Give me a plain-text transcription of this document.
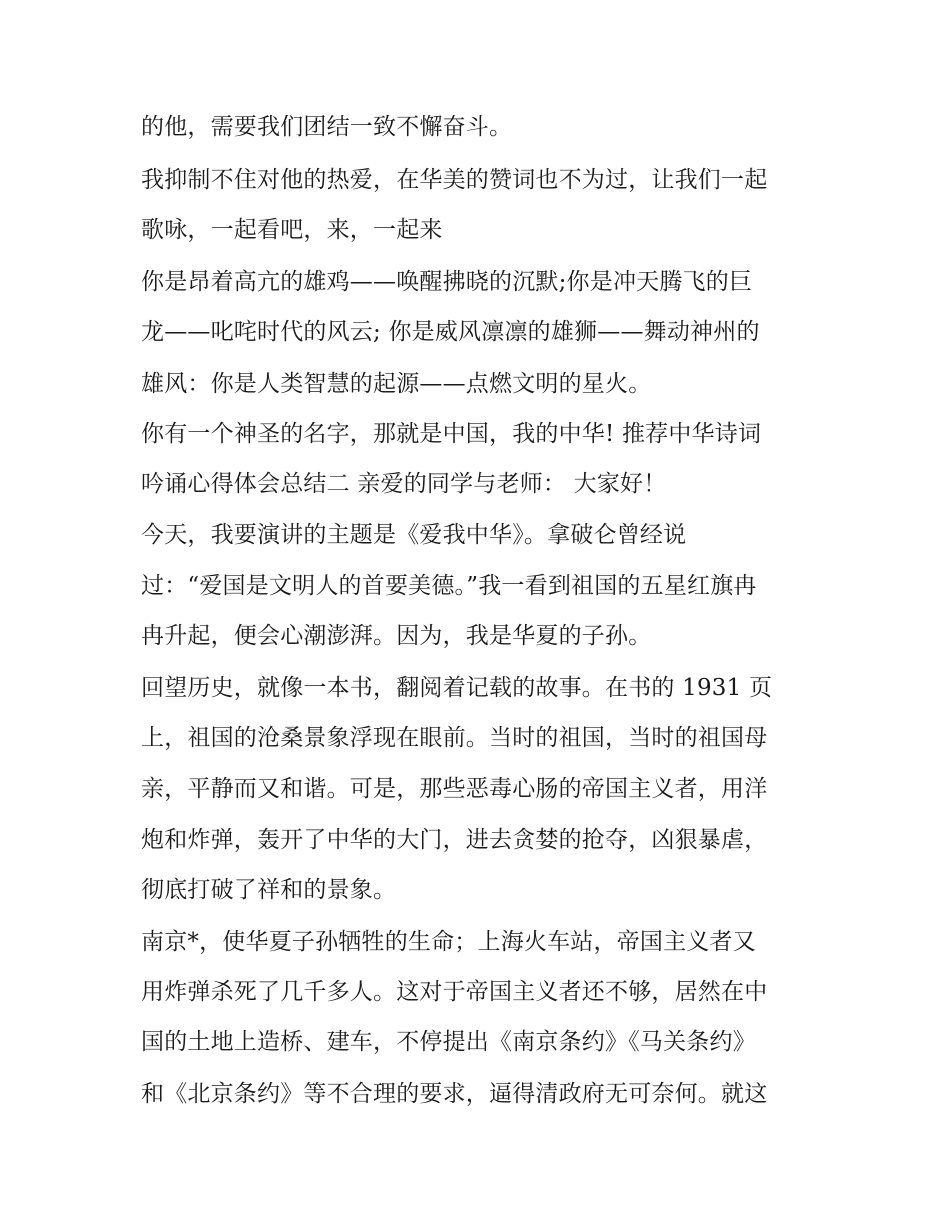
的他，需要我们团结一致不懈奋斗。
我抑制不住对他的热爱，在华美的赞词也不为过，让我们一起
歌咏，一起看吧，来，一起来
你是昂着高亢的雄鸡——唤醒拂晓的沉默;你是冲天腾飞的巨
龙——叱咤时代的风云; 你是威风凛凛的雄狮——舞动神州的
雄风：你是人类智慧的起源——点燃文明的星火。
你有一个神圣的名字，那就是中国，我的中华! 推荐中华诗词
吟诵心得体会总结二 亲爱的同学与老师： 大家好！
今天，我要演讲的主题是《爱我中华》。拿破仑曾经说
过：“爱国是文明人的首要美德。”我一看到祖国的五星红旗冉
冉升起，便会心潮澎湃。因为，我是华夏的子孙。
回望历史，就像一本书，翻阅着记载的故事。在书的 1931 页
上，祖国的沧桑景象浮现在眼前。当时的祖国，当时的祖国母
亲，平静而又和谐。可是，那些恶毒心肠的帝国主义者，用洋
炮和炸弹，轰开了中华的大门，进去贪婪的抢夺，凶狠暴虐，
彻底打破了祥和的景象。
南京*，使华夏子孙牺牲的生命；上海火车站，帝国主义者又
用炸弹杀死了几千多人。这对于帝国主义者还不够，居然在中
国的土地上造桥、建车，不停提出《南京条约》《马关条约》
和《北京条约》等不合理的要求，逼得清政府无可奈何。就这
